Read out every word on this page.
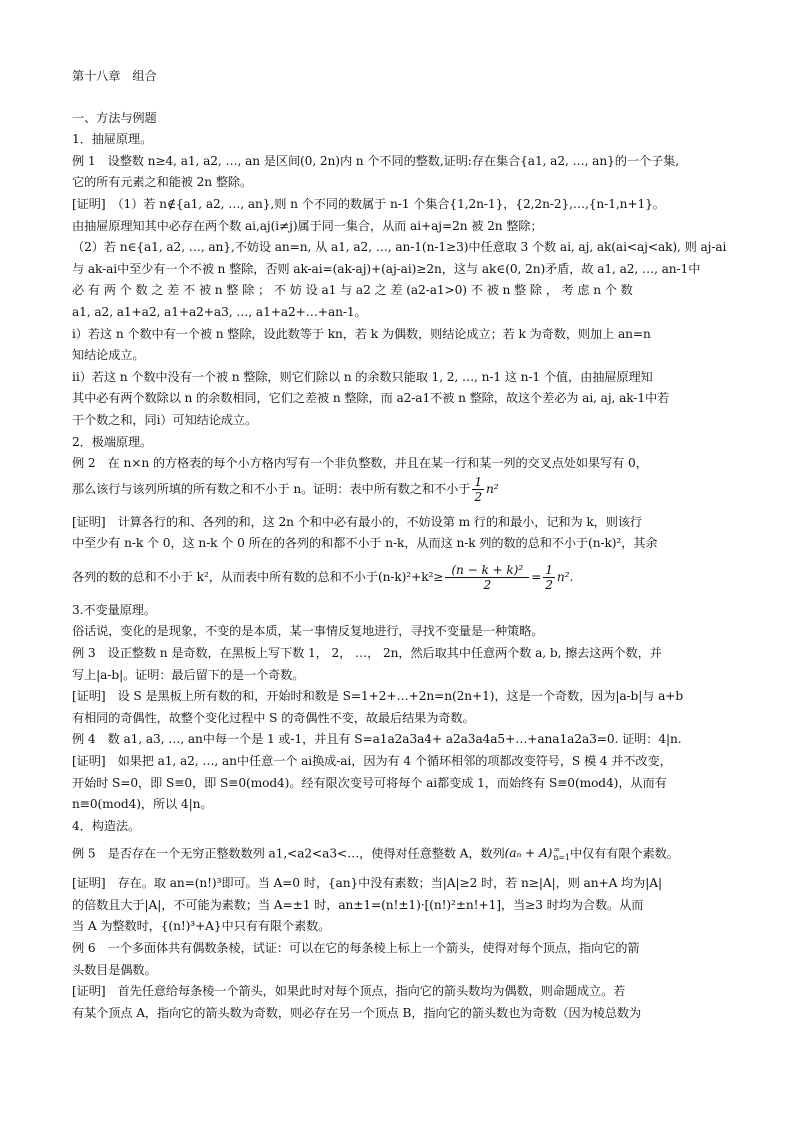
第十八章　组合
一、方法与例题
1．抽屉原理。
例 1　设整数 n≥4, a1, a2, …, an 是区间(0, 2n)内 n 个不同的整数,证明:存在集合{a1, a2, …, an}的一个子集,
它的所有元素之和能被 2n 整除。
[证明]　（1）若 n∉{a1, a2, …, an},则 n 个不同的数属于 n-1 个集合{1,2n-1}，{2,2n-2},…,{n-1,n+1}。
由抽屉原理知其中必存在两个数 ai,aj(i≠j)属于同一集合，从而 ai+aj=2n 被 2n 整除；
（2）若 n∈{a1, a2, …, an},不妨设 an=n, 从 a1, a2, …, an-1(n-1≥3)中任意取 3 个数 ai, aj, ak(ai<aj<ak), 则 aj-ai
与 ak-ai中至少有一个不被 n 整除，否则 ak-ai=(ak-aj)+(aj-ai)≥2n，这与 ak∈(0, 2n)矛盾，故 a1, a2, …, an-1中
必 有 两 个 数 之 差 不 被 n 整 除 ； 不 妨 设 a1 与 a2 之 差 (a2-a1>0) 不 被 n 整 除 ， 考 虑 n 个 数
a1, a2, a1+a2, a1+a2+a3, …, a1+a2+…+an-1。
ⅰ）若这 n 个数中有一个被 n 整除，设此数等于 kn，若 k 为偶数，则结论成立；若 k 为奇数，则加上 an=n
知结论成立。
ⅱ）若这 n 个数中没有一个被 n 整除，则它们除以 n 的余数只能取 1, 2, …, n-1 这 n-1 个值，由抽屉原理知
其中必有两个数除以 n 的余数相同，它们之差被 n 整除，而 a2-a1不被 n 整除，故这个差必为 ai, aj, ak-1中若
干个数之和，同ⅰ）可知结论成立。
2．极端原理。
例 2　在 n×n 的方格表的每个小方格内写有一个非负整数，并且在某一行和某一列的交叉点处如果写有 0，
那么该行与该列所填的所有数之和不小于 n。证明：表中所有数之和不小于 $\frac{1}{2} n^2$
[证明]　计算各行的和、各列的和，这 2n 个和中必有最小的，不妨设第 m 行的和最小，记和为 k，则该行
中至少有 n-k 个 0，这 n-k 个 0 所在的各列的和都不小于 n-k，从而这 n-k 列的数的总和不小于(n-k)²，其余
各列的数的总和不小于 k²，从而表中所有数的总和不小于$(n-k)^2+k^2\ge \frac{\text{(n − k + k)²}}{2} = \frac{1}{2} n^2$.
3.不变量原理。
俗话说，变化的是现象，不变的是本质，某一事情反复地进行，寻找不变量是一种策略。
例 3　设正整数 n 是奇数，在黑板上写下数 1， 2， …， 2n，然后取其中任意两个数 a, b, 擦去这两个数，并
写上|a-b|。证明：最后留下的是一个奇数。
[证明]　设 S 是黑板上所有数的和，开始时和数是 S=1+2+…+2n=n(2n+1)，这是一个奇数，因为|a-b|与 a+b
有相同的奇偶性，故整个变化过程中 S 的奇偶性不变，故最后结果为奇数。
例 4　数 a1, a3, …, an中每一个是 1 或-1，并且有 S=a1a2a3a4+ a2a3a4a5+…+ana1a2a3=0. 证明：4|n.
[证明]　如果把 a1, a2, …, an中任意一个 ai换成-ai，因为有 4 个循环相邻的项都改变符号，S 模 4 并不改变，
开始时 S=0，即 S≡0，即 S≡0(mod4)。经有限次变号可将每个 ai都变成 1，而始终有 S≡0(mod4)，从而有
n≡0(mod4)，所以 4|n。
4．构造法。
例 5　是否存在一个无穷正整数数列 a1,<a2<a3<…，使得对任意整数 A，数列(aₙ + A) ∞
n=1 中仅有有限个素数。
[证明]　存在。取 an=(n!)³即可。当 A=0 时，{an}中没有素数；当|A|≥2 时，若 n≥|A|，则 an+A 均为|A|
的倍数且大于|A|，不可能为素数；当 A=±1 时，an±1=(n!±1)·[(n!)²±n!+1]，当≥3 时均为合数。从而
当 A 为整数时，{(n!)³+A}中只有有限个素数。
例 6　一个多面体共有偶数条棱，试证：可以在它的每条棱上标上一个箭头，使得对每个顶点，指向它的箭
头数目是偶数。
[证明]　首先任意给每条棱一个箭头，如果此时对每个顶点，指向它的箭头数均为偶数，则命题成立。若
有某个顶点 A，指向它的箭头数为奇数，则必存在另一个顶点 B，指向它的箭头数也为奇数（因为棱总数为
